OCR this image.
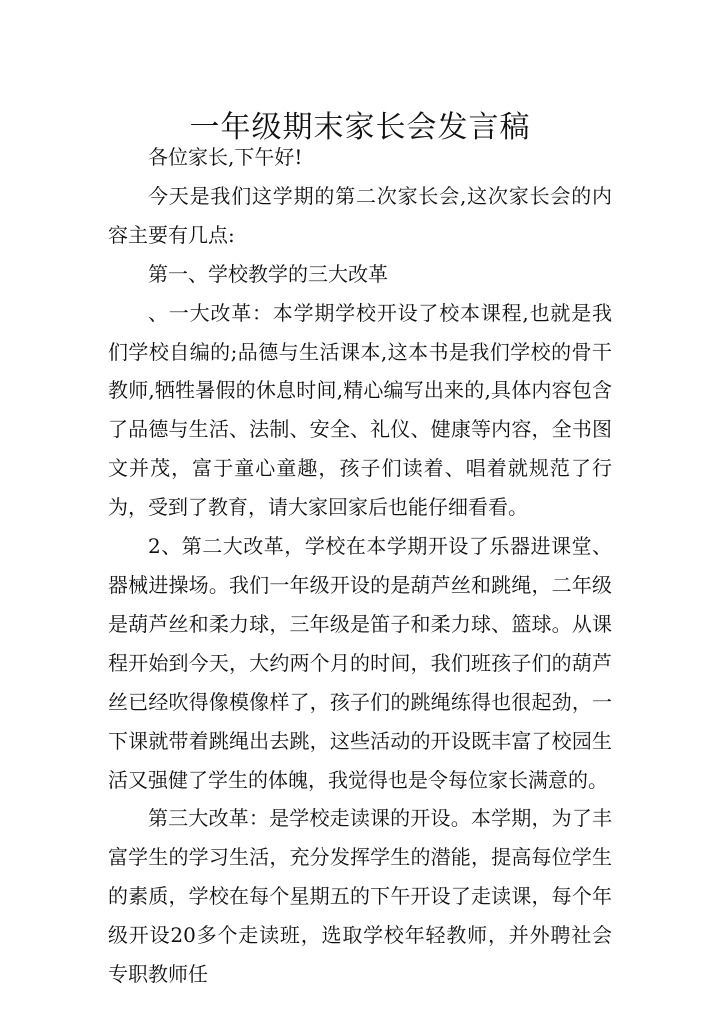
一年级期末家长会发言稿

各位家长,下午好!

今天是我们这学期的第二次家长会,这次家长会的内容主要有几点:

第一、学校教学的三大改革

、一大改革：本学期学校开设了校本课程,也就是我们学校自编的;品德与生活课本,这本书是我们学校的骨干教师,牺牲暑假的休息时间,精心编写出来的,具体内容包含了品德与生活、法制、安全、礼仪、健康等内容，全书图文并茂，富于童心童趣，孩子们读着、唱着就规范了行为，受到了教育，请大家回家后也能仔细看看。

2、第二大改革，学校在本学期开设了乐器进课堂、器械进操场。我们一年级开设的是葫芦丝和跳绳，二年级是葫芦丝和柔力球，三年级是笛子和柔力球、篮球。从课程开始到今天，大约两个月的时间，我们班孩子们的葫芦丝已经吹得像模像样了，孩子们的跳绳练得也很起劲，一下课就带着跳绳出去跳，这些活动的开设既丰富了校园生活又强健了学生的体魄，我觉得也是令每位家长满意的。

第三大改革：是学校走读课的开设。本学期，为了丰富学生的学习生活，充分发挥学生的潜能，提高每位学生的素质，学校在每个星期五的下午开设了走读课，每个年级开设20多个走读班，选取学校年轻教师，并外聘社会专职教师任
